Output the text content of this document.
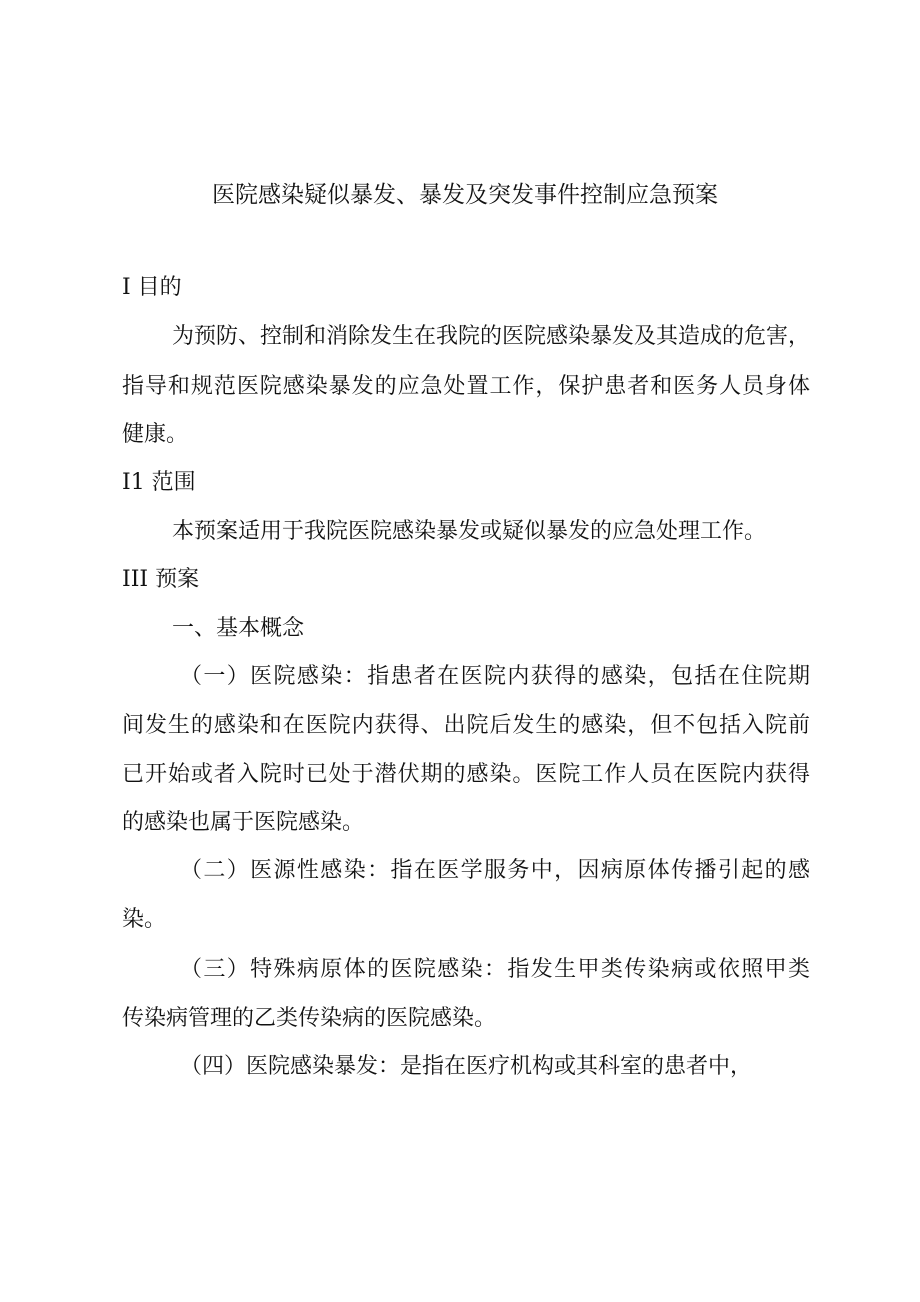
医院感染疑似暴发、暴发及突发事件控制应急预案
I 目的
为预防、控制和消除发生在我院的医院感染暴发及其造成的危害，
指导和规范医院感染暴发的应急处置工作，保护患者和医务人员身体
健康。
I1 范围
本预案适用于我院医院感染暴发或疑似暴发的应急处理工作。
III 预案
一、基本概念
（一）医院感染：指患者在医院内获得的感染，包括在住院期
间发生的感染和在医院内获得、出院后发生的感染，但不包括入院前
已开始或者入院时已处于潜伏期的感染。医院工作人员在医院内获得
的感染也属于医院感染。
（二）医源性感染：指在医学服务中，因病原体传播引起的感
染。
（三）特殊病原体的医院感染：指发生甲类传染病或依照甲类
传染病管理的乙类传染病的医院感染。
（四）医院感染暴发：是指在医疗机构或其科室的患者中，
